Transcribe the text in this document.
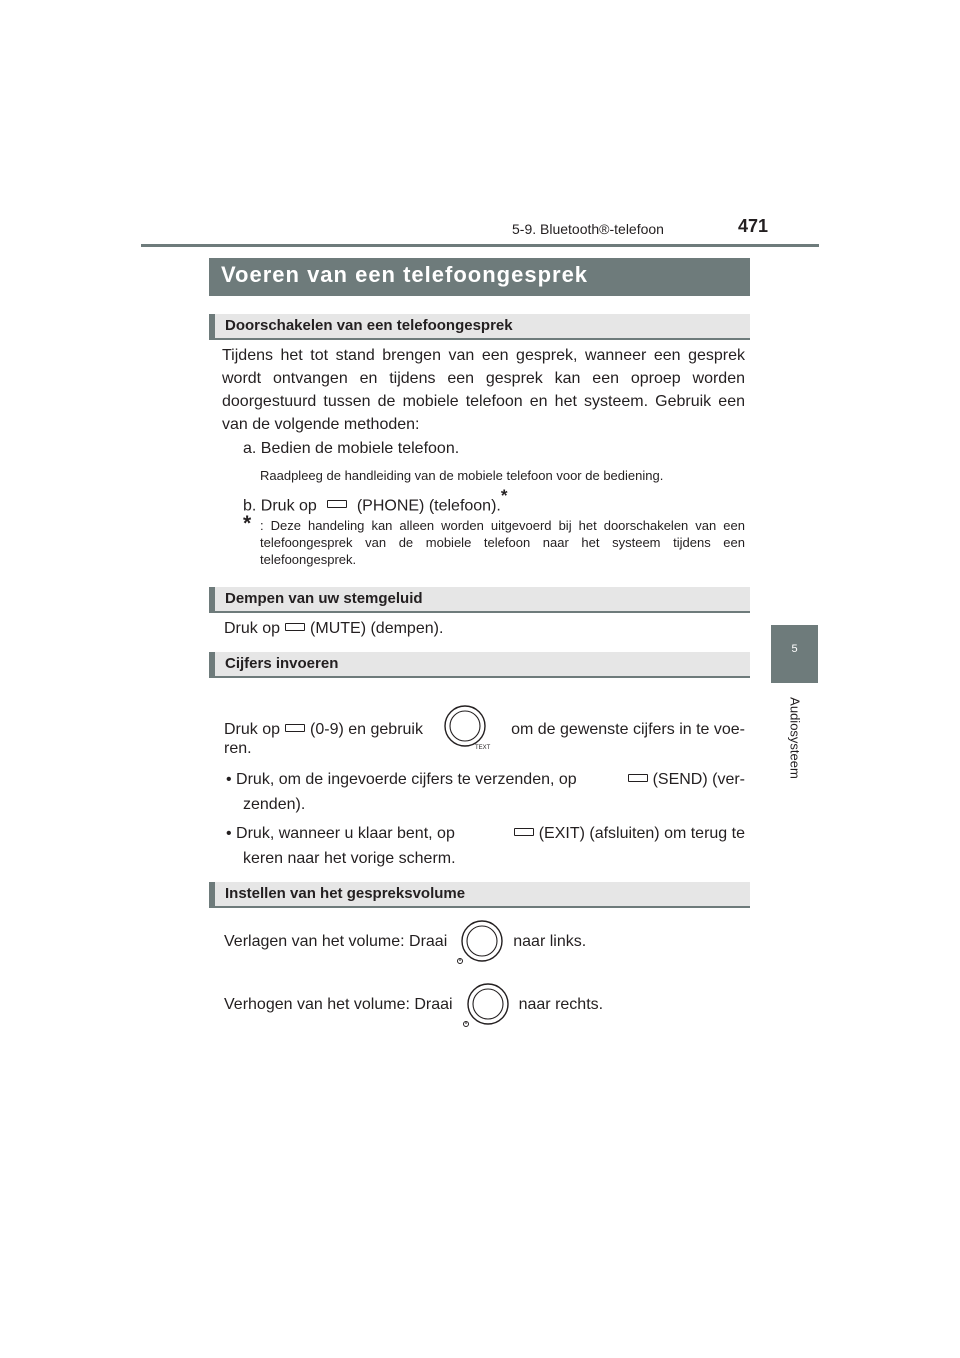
5-9. Bluetooth®-telefoon	471
5
Audiosysteem
Voeren van een telefoongesprek
Doorschakelen van een telefoongesprek

Tijdens het tot stand brengen van een gesprek, wanneer een gesprek wordt ontvangen en tijdens een gesprek kan een oproep worden doorgestuurd tussen de mobiele telefoon en het systeem. Gebruik een van de volgende methoden:

a. Bedien de mobiele telefoon.
Raadpleeg de handleiding van de mobiele telefoon voor de bediening.
b. Druk op	(PHONE) (telefoon).*
* : Deze handeling kan alleen worden uitgevoerd bij het doorschakelen van een telefoongesprek van de mobiele telefoon naar het systeem tijdens een telefoongesprek.
Dempen van uw stemgeluid
Druk op (MUTE) (dempen).
Cijfers invoeren
Druk op (0-9) en gebruik
TEXT
om de gewenste cijfers in te voe-
ren.
• Druk, om de ingevoerde cijfers te verzenden, op	(SEND) (ver-
zenden).
• Druk, wanneer u klaar bent, op	(EXIT) (afsluiten) om terug te
keren naar het vorige scherm.
Instellen van het gespreksvolume
Verlagen van het volume: Draai	naar links.
Verhogen van het volume: Draai	naar rechts.
